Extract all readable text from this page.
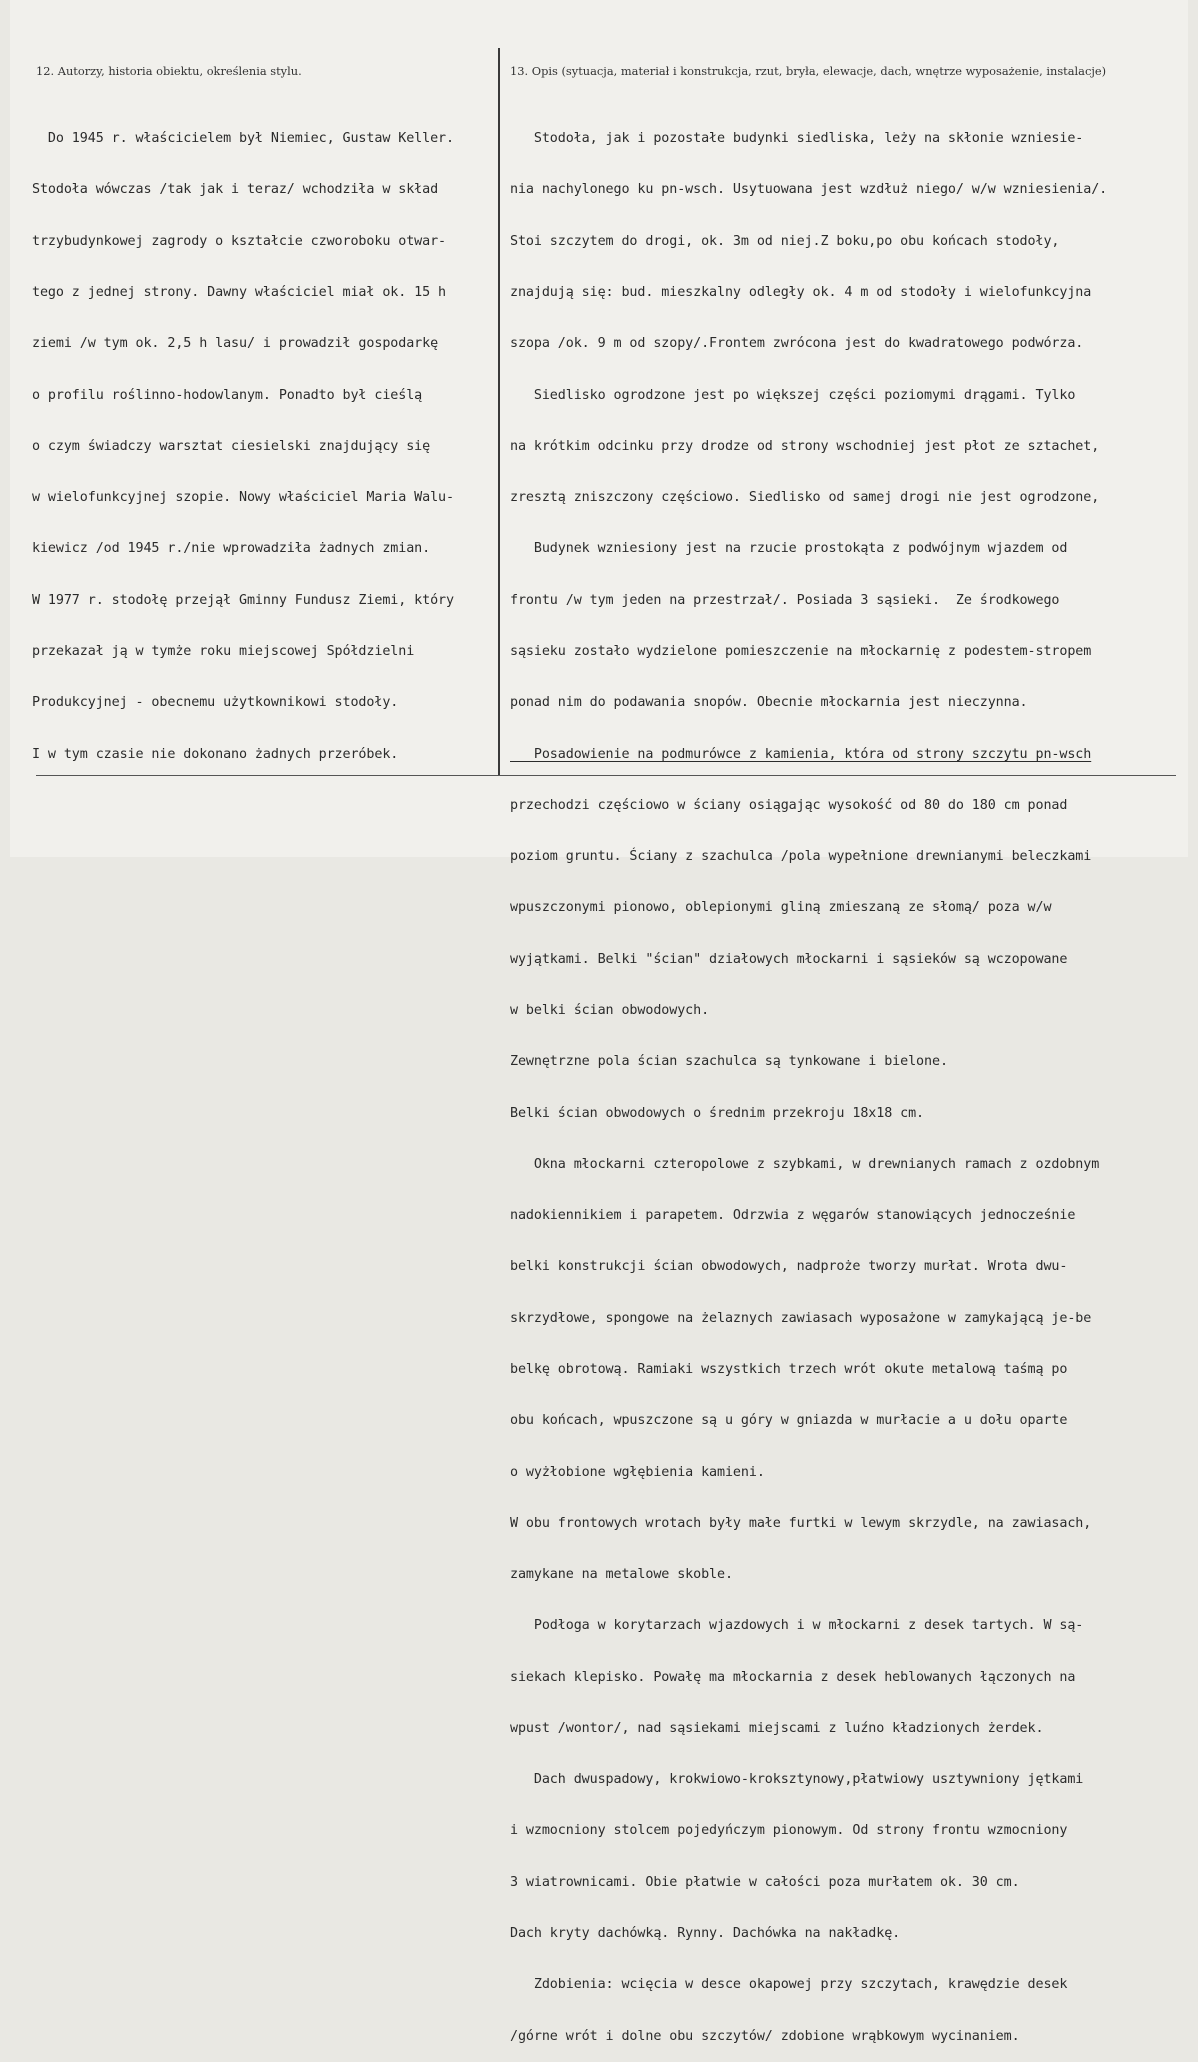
12. Autorzy, historia obiektu, określenia stylu.	13. Opis (sytuacja, materiał i konstrukcja, rzut, bryła, elewacje, dach, wnętrze wyposażenie, instalacje)

Do 1945 r. właścicielem był Niemiec, Gustaw Keller.

Stodoła wówczas /tak jak i teraz/ wchodziła w skład

trzybudynkowej zagrody o kształcie czworoboku otwar-

tego z jednej strony. Dawny właściciel miał ok. 15 h

ziemi /w tym ok. 2,5 h lasu/ i prowadził gospodarkę

o profilu roślinno-hodowlanym. Ponadto był cieślą

o czym świadczy warsztat ciesielski znajdujący się

w wielofunkcyjnej szopie. Nowy właściciel Maria Walu-

kiewicz /od 1945 r./nie wprowadziła żadnych zmian.

W 1977 r. stodołę przejął Gminny Fundusz Ziemi, który

przekazał ją w tymże roku miejscowej Spółdzielni

Produkcyjnej - obecnemu użytkownikowi stodoły.

I w tym czasie nie dokonano żadnych przeróbek.

Stodoła, jak i pozostałe budynki siedliska, leży na skłonie wzniesie-

nia nachylonego ku pn-wsch. Usytuowana jest wzdłuż niego/ w/w wzniesienia/.

Stoi szczytem do drogi, ok. 3m od niej.Z boku,po obu końcach stodoły,

znajdują się: bud. mieszkalny odległy ok. 4 m od stodoły i wielofunkcyjna

szopa /ok. 9 m od szopy/.Frontem zwrócona jest do kwadratowego podwórza.

Siedlisko ogrodzone jest po większej części poziomymi drągami. Tylko

na krótkim odcinku przy drodze od strony wschodniej jest płot ze sztachet,

zresztą zniszczony częściowo. Siedlisko od samej drogi nie jest ogrodzone,

Budynek wzniesiony jest na rzucie prostokąta z podwójnym wjazdem od

frontu /w tym jeden na przestrzał/. Posiada 3 sąsieki.  Ze środkowego

sąsieku zostało wydzielone pomieszczenie na młockarnię z podestem-stropem

ponad nim do podawania snopów. Obecnie młockarnia jest nieczynna.

Posadowienie na podmurówce z kamienia, która od strony szczytu pn-wsch

przechodzi częściowo w ściany osiągając wysokość od 80 do 180 cm ponad

poziom gruntu. Ściany z szachulca /pola wypełnione drewnianymi beleczkami

wpuszczonymi pionowo, oblepionymi gliną zmieszaną ze słomą/ poza w/w

wyjątkami. Belki "ścian" działowych młockarni i sąsieków są wczopowane

w belki ścian obwodowych.

Zewnętrzne pola ścian szachulca są tynkowane i bielone.

Belki ścian obwodowych o średnim przekroju 18x18 cm.

Okna młockarni czteropolowe z szybkami, w drewnianych ramach z ozdobnym

nadokiennikiem i parapetem. Odrzwia z węgarów stanowiących jednocześnie

belki konstrukcji ścian obwodowych, nadproże tworzy murłat. Wrota dwu-

skrzydłowe, spongowe na żelaznych zawiasach wyposażone w zamykającą je-be

belkę obrotową. Ramiaki wszystkich trzech wrót okute metalową taśmą po

obu końcach, wpuszczone są u góry w gniazda w murłacie a u dołu oparte

o wyżłobione wgłębienia kamieni.

W obu frontowych wrotach były małe furtki w lewym skrzydle, na zawiasach,

zamykane na metalowe skoble.

Podłoga w korytarzach wjazdowych i w młockarni z desek tartych. W są-

siekach klepisko. Powałę ma młockarnia z desek heblowanych łączonych na

wpust /wontor/, nad sąsiekami miejscami z luźno kładzionych żerdek.

Dach dwuspadowy, krokwiowo-kroksztynowy,płatwiowy usztywniony jętkami

i wzmocniony stolcem pojedyńczym pionowym. Od strony frontu wzmocniony

3 wiatrownicami. Obie płatwie w całości poza murłatem ok. 30 cm.

Dach kryty dachówką. Rynny. Dachówka na nakładkę.

Zdobienia: wcięcia w desce okapowej przy szczytach, krawędzie desek

/górne wrót i dolne obu szczytów/ zdobione wrąbkowym wycinaniem.
